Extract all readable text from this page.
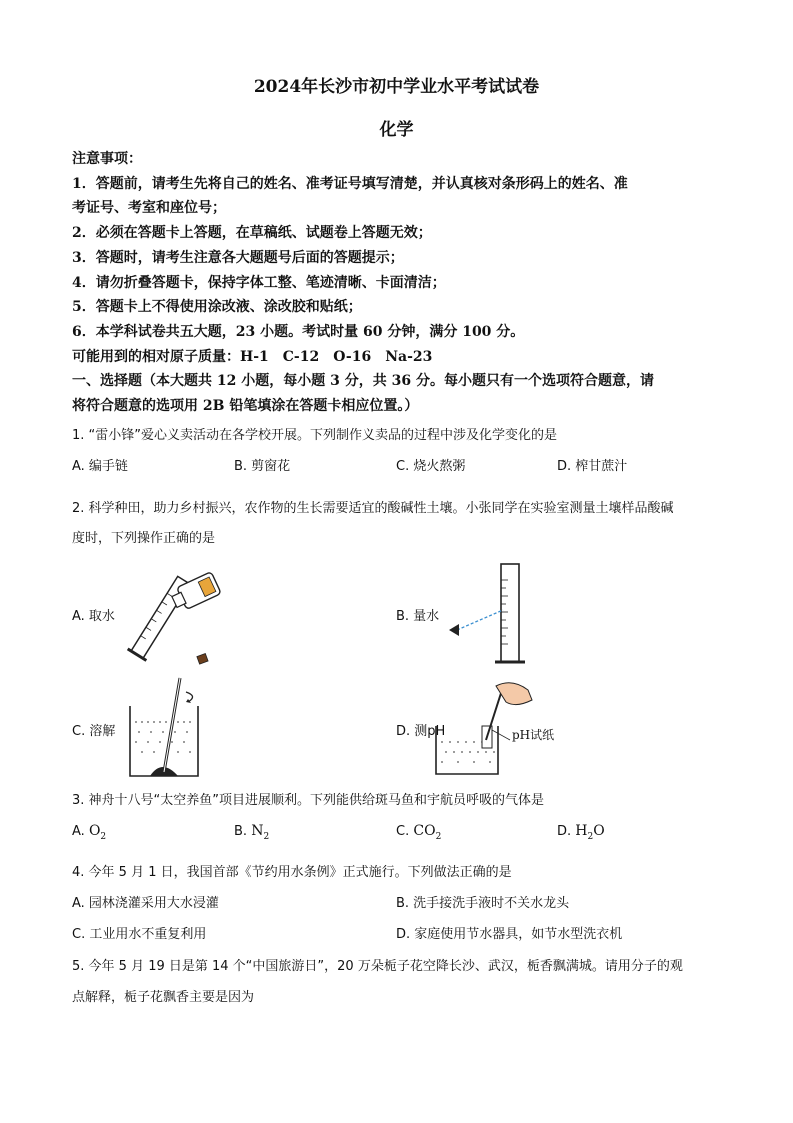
2024年长沙市初中学业水平考试试卷
化学
注意事项：
1．答题前，请考生先将自己的姓名、准考证号填写清楚，并认真核对条形码上的姓名、准
考证号、考室和座位号；
2．必须在答题卡上答题，在草稿纸、试题卷上答题无效；
3．答题时，请考生注意各大题题号后面的答题提示；
4．请勿折叠答题卡，保持字体工整、笔迹清晰、卡面清洁；
5．答题卡上不得使用涂改液、涂改胶和贴纸；
6．本学科试卷共五大题，23 小题。考试时量 60 分钟，满分 100 分。
可能用到的相对原子质量：H-1　C-12　O-16　Na-23
一、选择题（本大题共 12 小题，每小题 3 分，共 36 分。每小题只有一个选项符合题意，请
将符合题意的选项用 2B 铅笔填涂在答题卡相应位置。）
1. “雷小锋”爱心义卖活动在各学校开展。下列制作义卖品的过程中涉及化学变化的是
A. 编手链	B. 剪窗花	C. 烧火熬粥	D. 榨甘蔗汁
2. 科学种田，助力乡村振兴，农作物的生长需要适宜的酸碱性土壤。小张同学在实验室测量土壤样品酸碱
度时，下列操作正确的是
A. 取水	B. 量水
C. 溶解	D. 测pH	pH试纸
3. 神舟十八号“太空养鱼”项目进展顺利。下列能供给斑马鱼和宇航员呼吸的气体是
A. $O_2$	B. $N_2$	C. $CO_2$	D. $H_2O$
4. 今年 5 月 1 日，我国首部《节约用水条例》正式施行。下列做法正确的是
A. 园林浇灌采用大水浸灌	B. 洗手接洗手液时不关水龙头
C. 工业用水不重复利用	D. 家庭使用节水器具，如节水型洗衣机
5. 今年 5 月 19 日是第 14 个“中国旅游日”，20 万朵栀子花空降长沙、武汉，栀香飘满城。请用分子的观
点解释，栀子花飘香主要是因为
